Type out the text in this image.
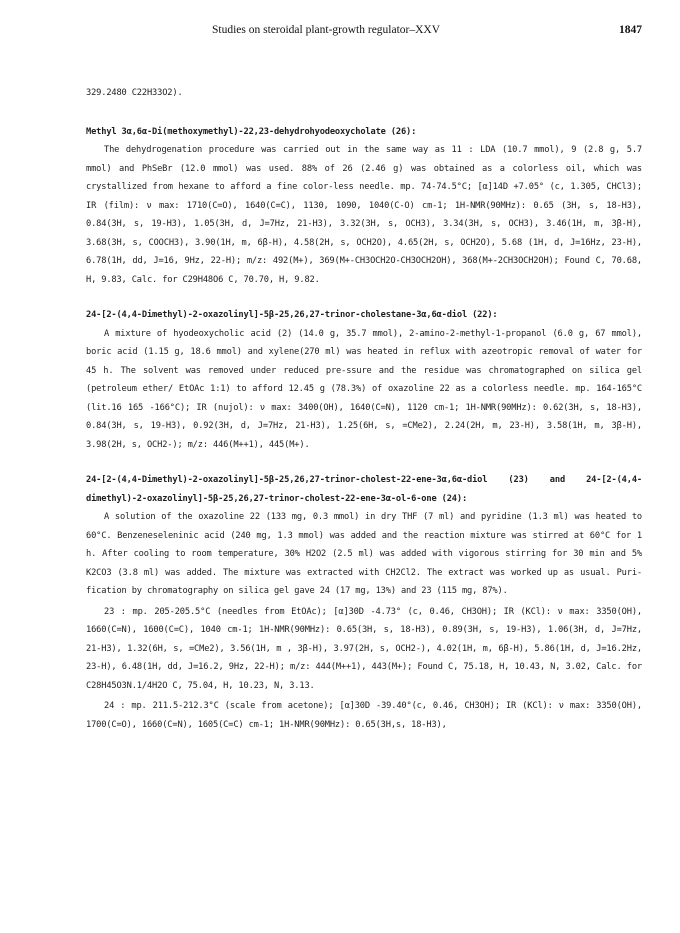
Studies on steroidal plant-growth regulator–XXV	1847

329.2480 C22H33O2).

Methyl 3α,6α-Di(methoxymethyl)-22,23-dehydrohyodeoxycholate (26):

The dehydrogenation procedure was carried out in the same way as 11 : LDA (10.7 mmol), 9 (2.8 g, 5.7 mmol) and PhSeBr (12.0 mmol) was used. 88% of 26 (2.46 g) was obtained as a colorless oil, which was crystallized from hexane to afford a fine color-less needle. mp. 74-74.5°C; [α]14D +7.05° (c, 1.305, CHCl3); IR (film): ν max: 1710(C=O), 1640(C=C), 1130, 1090, 1040(C-O) cm-1; 1H-NMR(90MHz): 0.65 (3H, s, 18-H3), 0.84(3H, s, 19-H3), 1.05(3H, d, J=7Hz, 21-H3), 3.32(3H, s, OCH3), 3.34(3H, s, OCH3), 3.46(1H, m, 3β-H), 3.68(3H, s, COOCH3), 3.90(1H, m, 6β-H), 4.58(2H, s, OCH2O), 4.65(2H, s, OCH2O), 5.68 (1H, d, J=16Hz, 23-H), 6.78(1H, dd, J=16, 9Hz, 22-H); m/z: 492(M+), 369(M+-CH3OCH2O-CH3OCH2OH), 368(M+-2CH3OCH2OH); Found C, 70.68, H, 9.83, Calc. for C29H48O6 C, 70.70, H, 9.82.

24-[2-(4,4-Dimethyl)-2-oxazolinyl]-5β-25,26,27-trinor-cholestane-3α,6α-diol (22):

A mixture of hyodeoxycholic acid (2) (14.0 g, 35.7 mmol), 2-amino-2-methyl-1-propanol (6.0 g, 67 mmol), boric acid (1.15 g, 18.6 mmol) and xylene(270 ml) was heated in reflux with azeotropic removal of water for 45 h. The solvent was removed under reduced pre-ssure and the residue was chromatographed on silica gel (petroleum ether/ EtOAc 1:1) to afford 12.45 g (78.3%) of oxazoline 22 as a colorless needle. mp. 164-165°C (lit.16 165 -166°C); IR (nujol): ν max: 3400(OH), 1640(C=N), 1120 cm-1; 1H-NMR(90MHz): 0.62(3H, s, 18-H3), 0.84(3H, s, 19-H3), 0.92(3H, d, J=7Hz, 21-H3), 1.25(6H, s, =CMe2), 2.24(2H, m, 23-H), 3.58(1H, m, 3β-H), 3.98(2H, s, OCH2-); m/z: 446(M++1), 445(M+).

24-[2-(4,4-Dimethyl)-2-oxazolinyl]-5β-25,26,27-trinor-cholest-22-ene-3α,6α-diol (23) and 24-[2-(4,4-dimethyl)-2-oxazolinyl]-5β-25,26,27-trinor-cholest-22-ene-3α-ol-6-one (24):

A solution of the oxazoline 22 (133 mg, 0.3 mmol) in dry THF (7 ml) and pyridine (1.3 ml) was heated to 60°C. Benzeneseleninic acid (240 mg, 1.3 mmol) was added and the reaction mixture was stirred at 60°C for 1 h. After cooling to room temperature, 30% H2O2 (2.5 ml) was added with vigorous stirring for 30 min and 5% K2CO3 (3.8 ml) was added. The mixture was extracted with CH2Cl2. The extract was worked up as usual. Puri-fication by chromatography on silica gel gave 24 (17 mg, 13%) and 23 (115 mg, 87%).

23 : mp. 205-205.5°C (needles from EtOAc); [α]30D -4.73° (c, 0.46, CH3OH); IR (KCl): ν max: 3350(OH), 1660(C=N), 1600(C=C), 1040 cm-1; 1H-NMR(90MHz): 0.65(3H, s, 18-H3), 0.89(3H, s, 19-H3), 1.06(3H, d, J=7Hz, 21-H3), 1.32(6H, s, =CMe2), 3.56(1H, m , 3β-H), 3.97(2H, s, OCH2-), 4.02(1H, m, 6β-H), 5.86(1H, d, J=16.2Hz, 23-H), 6.48(1H, dd, J=16.2, 9Hz, 22-H); m/z: 444(M++1), 443(M+); Found C, 75.18, H, 10.43, N, 3.02, Calc. for C28H45O3N.1/4H2O C, 75.04, H, 10.23, N, 3.13.

24 : mp. 211.5-212.3°C (scale from acetone); [α]30D -39.40°(c, 0.46, CH3OH); IR (KCl): ν max: 3350(OH), 1700(C=O), 1660(C=N), 1605(C=C) cm-1; 1H-NMR(90MHz): 0.65(3H,s, 18-H3),
